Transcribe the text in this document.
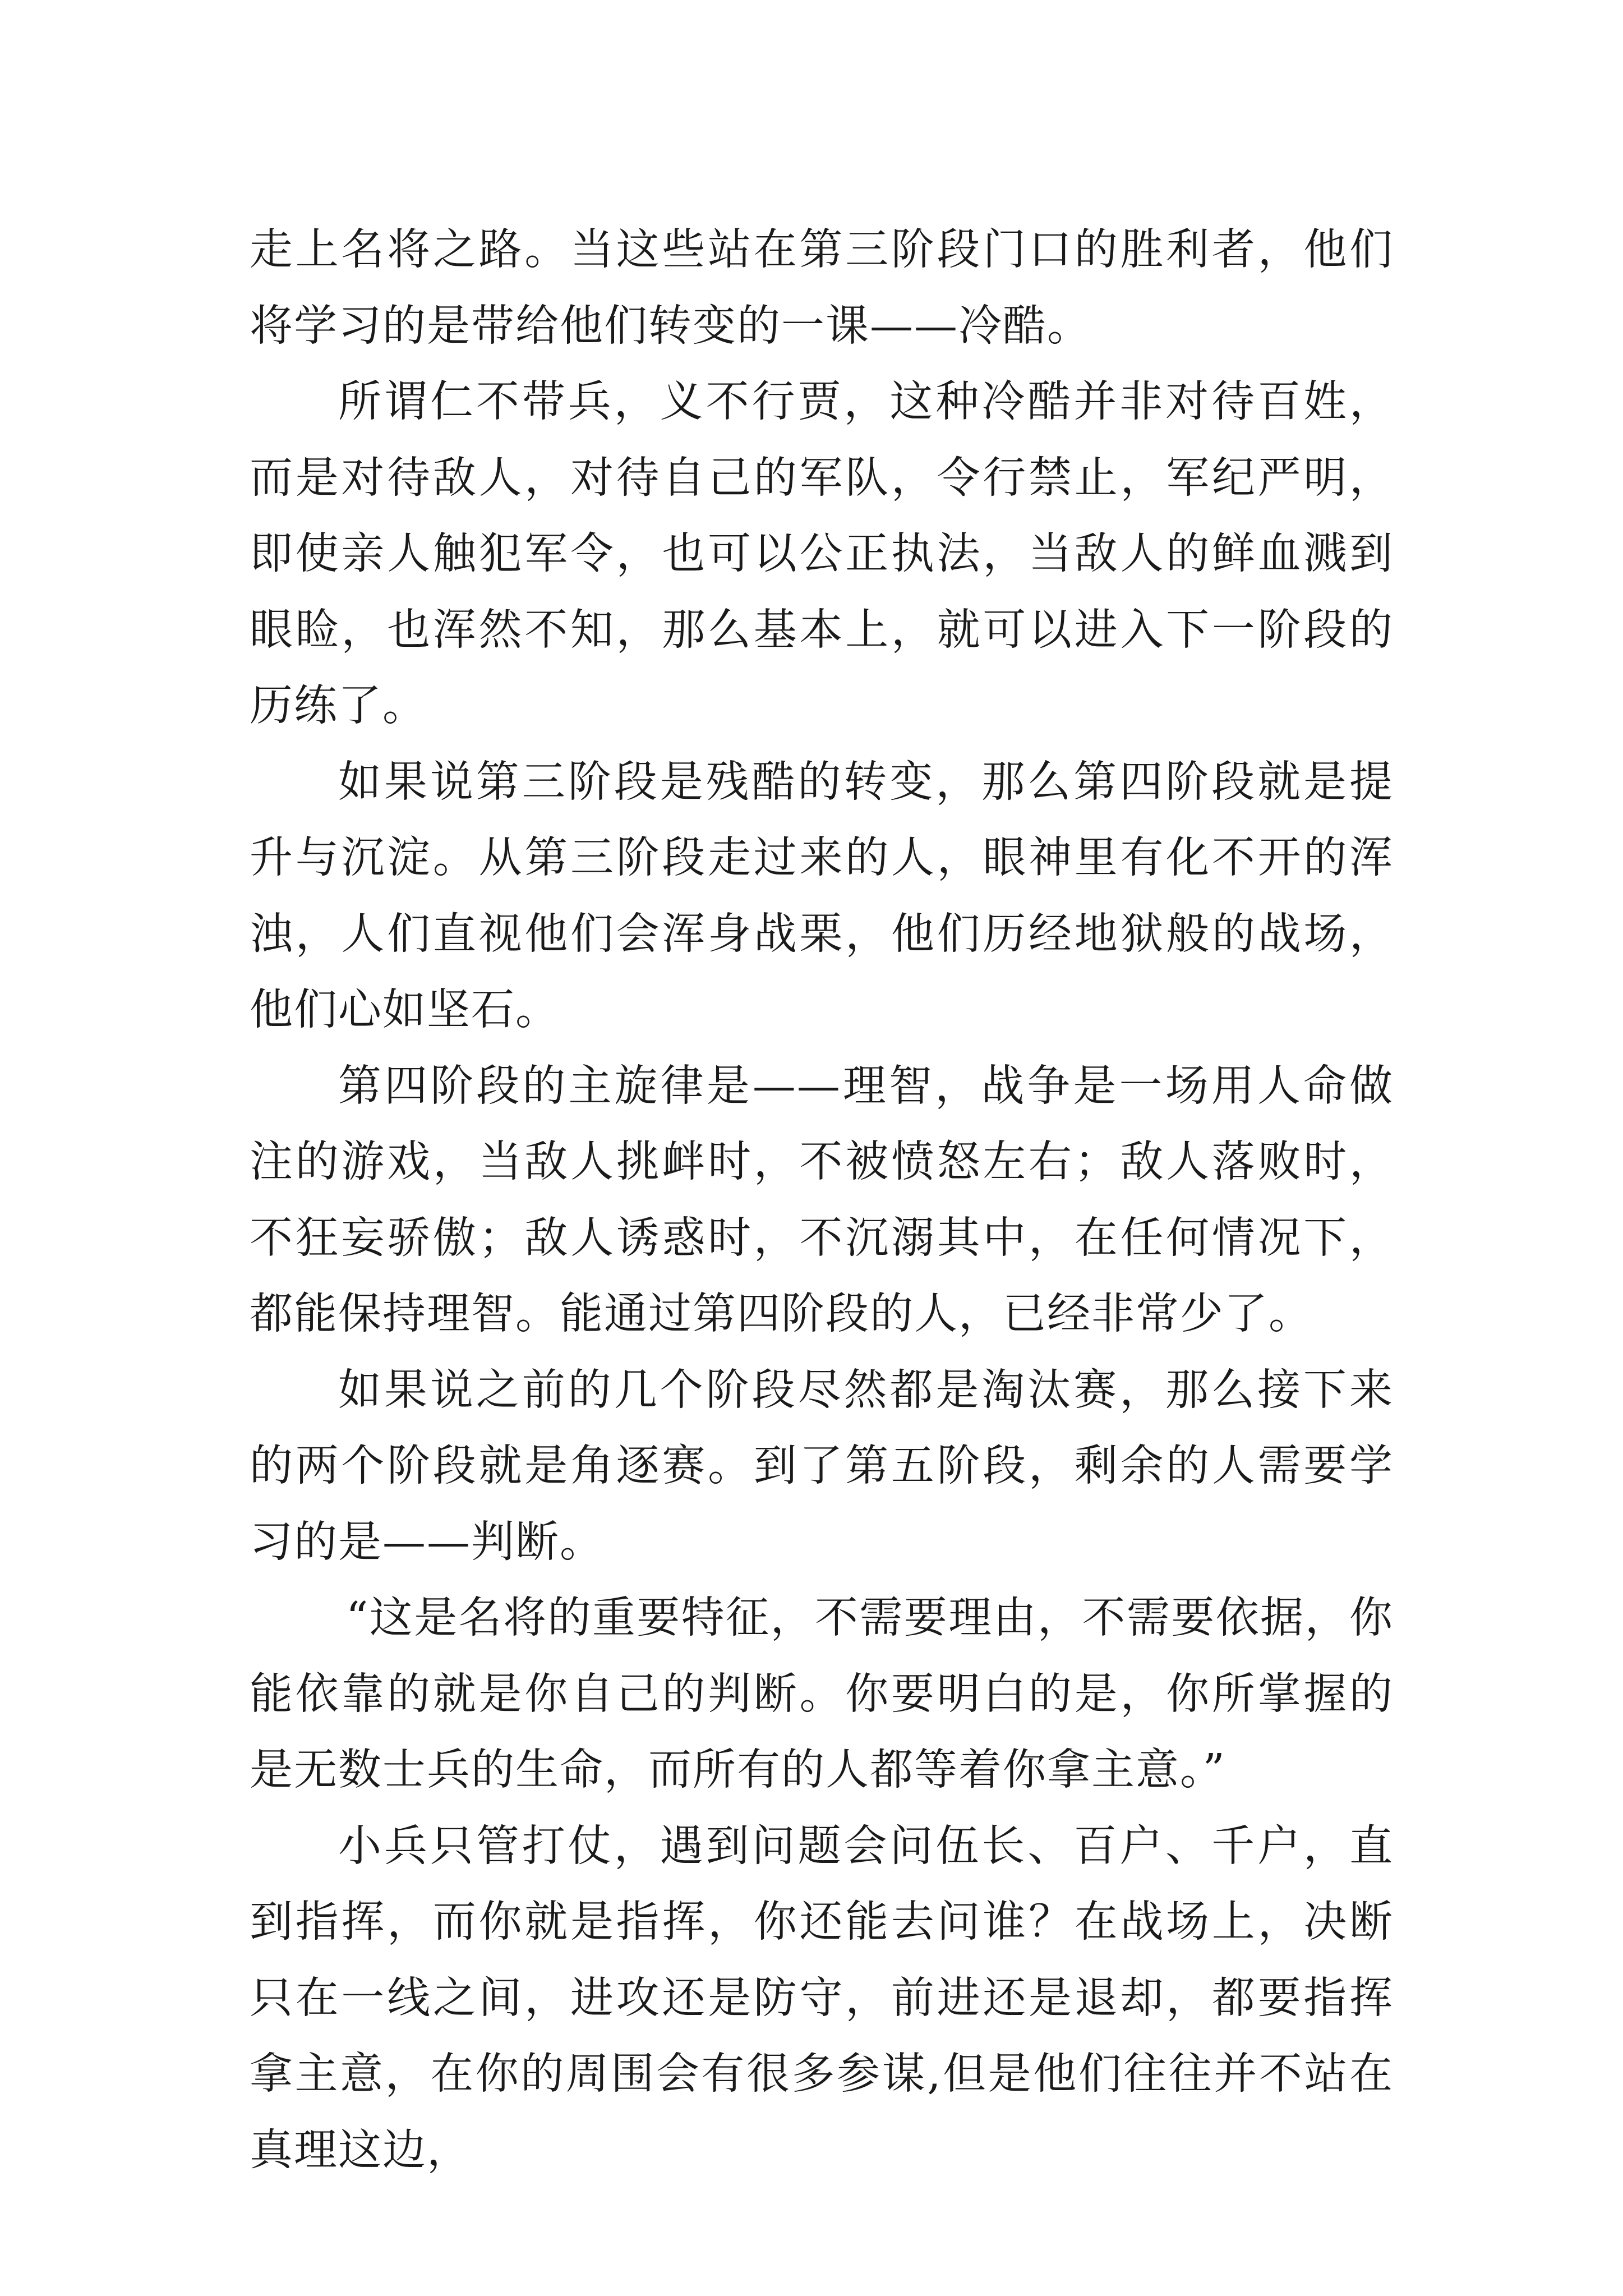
走上名将之路。当这些站在第三阶段门口的胜利者，他们将学习的是带给他们转变的一课——冷酷。

所谓仁不带兵，义不行贾，这种冷酷并非对待百姓，而是对待敌人，对待自己的军队，令行禁止，军纪严明，即使亲人触犯军令，也可以公正执法，当敌人的鲜血溅到眼睑，也浑然不知，那么基本上，就可以进入下一阶段的历练了。

如果说第三阶段是残酷的转变，那么第四阶段就是提升与沉淀。从第三阶段走过来的人，眼神里有化不开的浑浊，人们直视他们会浑身战栗，他们历经地狱般的战场，他们心如坚石。

第四阶段的主旋律是——理智，战争是一场用人命做注的游戏，当敌人挑衅时，不被愤怒左右；敌人落败时，不狂妄骄傲；敌人诱惑时，不沉溺其中，在任何情况下，都能保持理智。能通过第四阶段的人，已经非常少了。

如果说之前的几个阶段尽然都是淘汰赛，那么接下来的两个阶段就是角逐赛。到了第五阶段，剩余的人需要学习的是——判断。

“这是名将的重要特征，不需要理由，不需要依据，你能依靠的就是你自己的判断。你要明白的是，你所掌握的是无数士兵的生命，而所有的人都等着你拿主意。”

小兵只管打仗，遇到问题会问伍长、百户、千户，直到指挥，而你就是指挥，你还能去问谁？在战场上，决断只在一线之间，进攻还是防守，前进还是退却，都要指挥拿主意，在你的周围会有很多参谋,但是他们往往并不站在真理这边，
